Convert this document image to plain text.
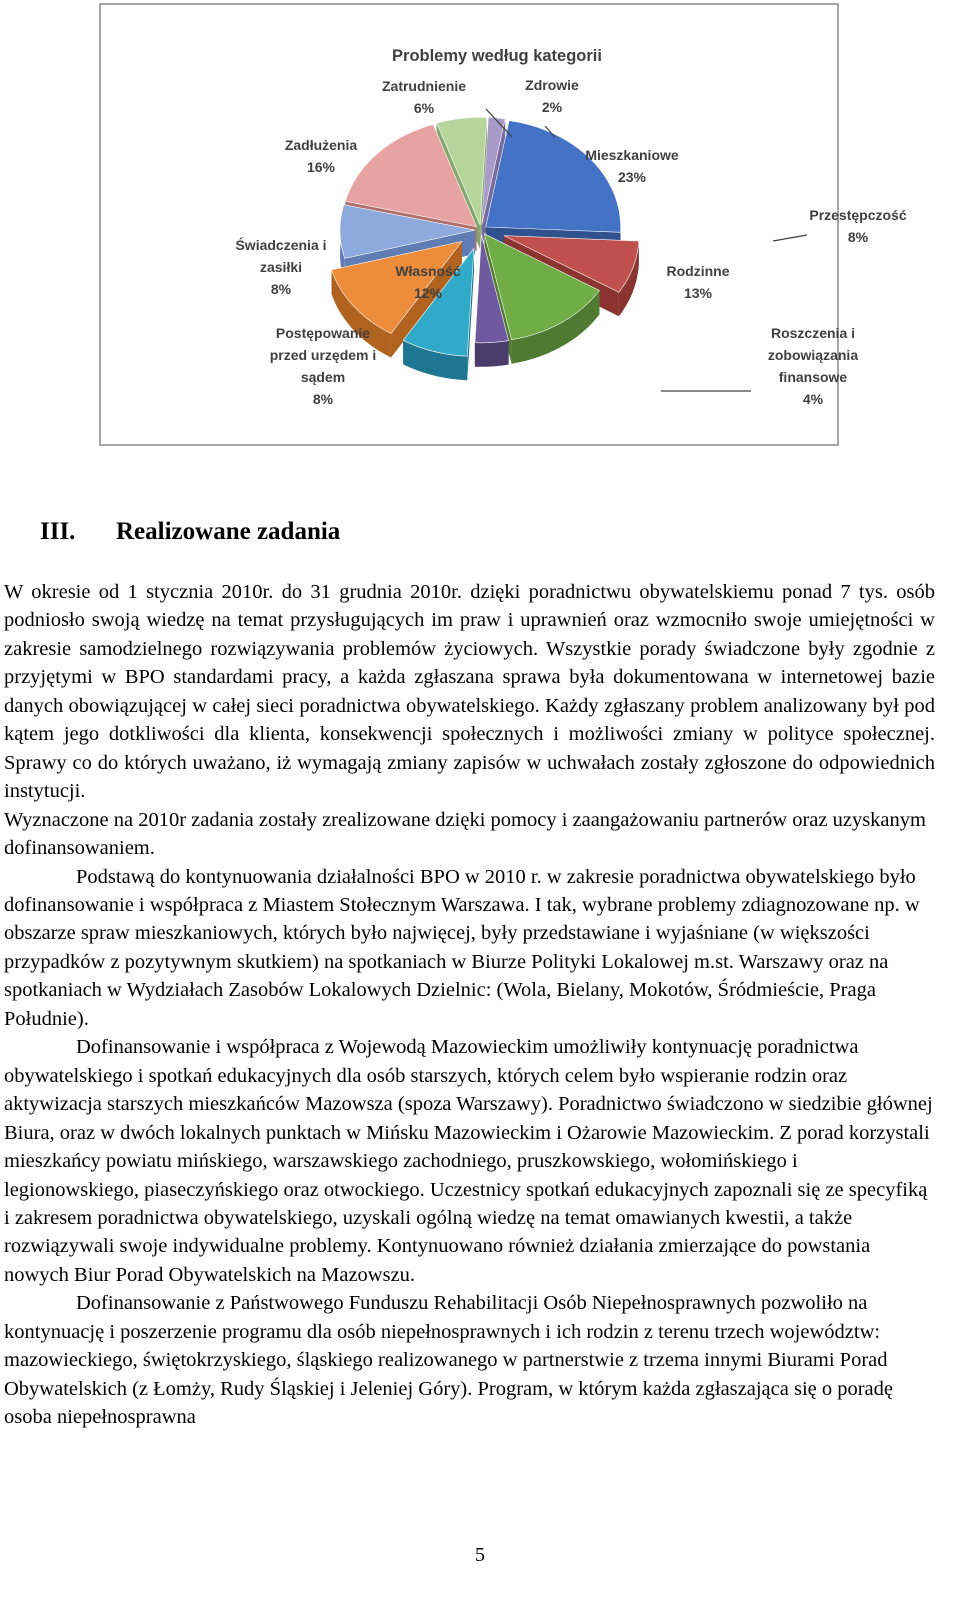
Problemy według kategorii
Mieszkaniowe 23%
Przestępczość 8%
Rodzinne 13%
Roszczenia i zobowiązania finansowe 4%
Postępowanie przed urzędem i sądem 8%
Własność 12%
Świadczenia i zasiłki 8%
Zadłużenia 16%
Zatrudnienie 6%
Zdrowie 2%
III. Realizowane zadania

W okresie od 1 stycznia 2010r. do 31 grudnia 2010r. dzięki poradnictwu obywatelskiemu ponad 7 tys. osób podniosło swoją wiedzę na temat przysługujących im praw i uprawnień oraz wzmocniło swoje umiejętności w zakresie samodzielnego rozwiązywania problemów życiowych. Wszystkie porady świadczone były zgodnie z przyjętymi w BPO standardami pracy, a każda zgłaszana sprawa była dokumentowana w internetowej bazie danych obowiązującej w całej sieci poradnictwa obywatelskiego. Każdy zgłaszany problem analizowany był pod kątem jego dotkliwości dla klienta, konsekwencji społecznych i możliwości zmiany w polityce społecznej. Sprawy co do których uważano, iż wymagają zmiany zapisów w uchwałach zostały zgłoszone do odpowiednich instytucji.

Wyznaczone na 2010r zadania zostały zrealizowane dzięki pomocy i zaangażowaniu partnerów oraz uzyskanym dofinansowaniem.

Podstawą do kontynuowania działalności BPO w 2010 r. w zakresie poradnictwa obywatelskiego było dofinansowanie i współpraca z Miastem Stołecznym Warszawa. I tak, wybrane problemy zdiagnozowane np. w obszarze spraw mieszkaniowych, których było najwięcej, były przedstawiane i wyjaśniane (w większości przypadków z pozytywnym skutkiem) na spotkaniach w Biurze Polityki Lokalowej m.st. Warszawy oraz na spotkaniach w Wydziałach Zasobów Lokalowych Dzielnic: (Wola, Bielany, Mokotów, Śródmieście, Praga Południe).

Dofinansowanie i współpraca z Wojewodą Mazowieckim umożliwiły kontynuację poradnictwa obywatelskiego i spotkań edukacyjnych dla osób starszych, których celem było wspieranie rodzin oraz aktywizacja starszych mieszkańców Mazowsza (spoza Warszawy). Poradnictwo świadczono w siedzibie głównej Biura, oraz w dwóch lokalnych punktach w Mińsku Mazowieckim i Ożarowie Mazowieckim. Z porad korzystali mieszkańcy powiatu mińskiego, warszawskiego zachodniego, pruszkowskiego, wołomińskiego i legionowskiego, piaseczyńskiego oraz otwockiego. Uczestnicy spotkań edukacyjnych zapoznali się ze specyfiką i zakresem poradnictwa obywatelskiego, uzyskali ogólną wiedzę na temat omawianych kwestii, a także rozwiązywali swoje indywidualne problemy. Kontynuowano również działania zmierzające do powstania nowych Biur Porad Obywatelskich na Mazowszu.

Dofinansowanie z Państwowego Funduszu Rehabilitacji Osób Niepełnosprawnych pozwoliło na kontynuację i poszerzenie programu dla osób niepełnosprawnych i ich rodzin z terenu trzech województw: mazowieckiego, świętokrzyskiego, śląskiego realizowanego w partnerstwie z trzema innymi Biurami Porad Obywatelskich (z Łomży, Rudy Śląskiej i Jeleniej Góry). Program, w którym każda zgłaszająca się o poradę osoba niepełnosprawna

5
